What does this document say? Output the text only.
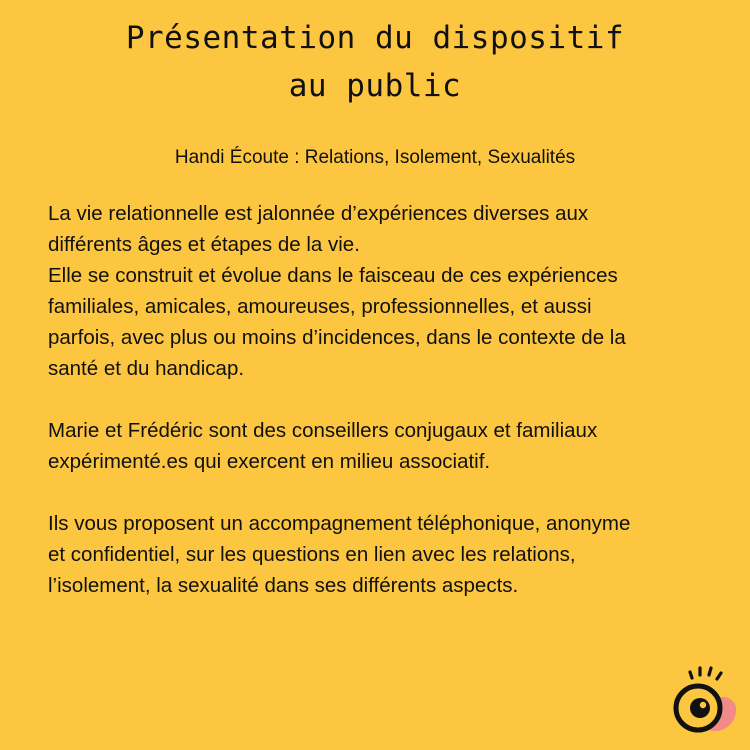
Présentation du dispositif
au public
Handi Écoute : Relations, Isolement, Sexualités

La vie relationnelle est jalonnée d’expériences diverses aux
différents âges et étapes de la vie.
Elle se construit et évolue dans le faisceau de ces expériences
familiales, amicales, amoureuses, professionnelles, et aussi
parfois, avec plus ou moins d’incidences, dans le contexte de la
santé et du handicap.

Marie et Frédéric sont des conseillers conjugaux et familiaux
expérimenté.es qui exercent en milieu associatif.

Ils vous proposent un accompagnement téléphonique, anonyme
et confidentiel, sur les questions en lien avec les relations,
l’isolement, la sexualité dans ses différents aspects.
